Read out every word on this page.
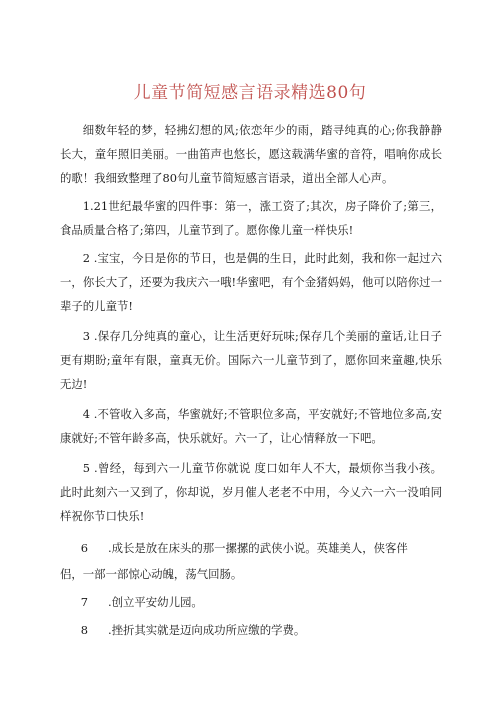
儿童节简短感言语录精选80句

细数年轻的梦，轻拂幻想的风;依恋年少的雨，踏寻纯真的心;你我静静长大，童年照旧美丽。一曲笛声也悠长，愿这载满华蜜的音符，唱响你成长的歌！我细致整理了80句儿童节简短感言语录，道出全部人心声。

1.21世纪最华蜜的四件事：第一，涨工资了;其次，房子降价了;第三，食品质量合格了;第四，儿童节到了。愿你像儿童一样快乐!

2 .宝宝，今日是你的节日，也是偶的生日，此时此刻，我和你一起过六一，你长大了，还要为我庆六一哦!华蜜吧，有个金猪妈妈，他可以陪你过一辈子的儿童节!

3 .保存几分纯真的童心，让生活更好玩味;保存几个美丽的童话,让日子更有期盼;童年有限，童真无价。国际六一儿童节到了，愿你回来童趣,快乐无边!

4 .不管收入多高，华蜜就好;不管职位多高，平安就好;不管地位多高,安康就好;不管年龄多高，快乐就好。六一了，让心情释放一下吧。

5 .曾经，每到六一儿童节你就说 度口如年人不大，最烦你当我小孩。此时此刻六一又到了，你却说，岁月催人老老不中用，今乂六一六一没咱同样祝你节口快乐!

6 .成长是放在床头的那一摞摞的武侠小说。英雄美人，侠客伴
侣，一部一部惊心动魄，荡气回肠。
7 .创立平安幼儿园。
8 .挫折其实就是迈向成功所应缴的学费。
